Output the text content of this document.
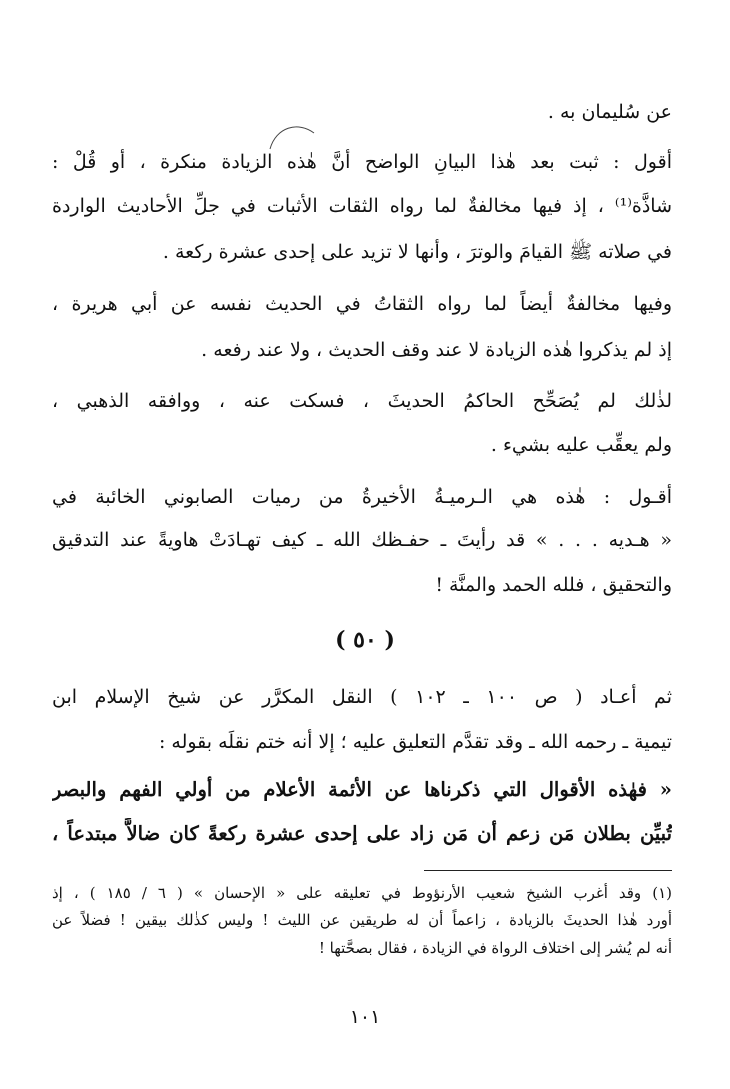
عن سُليمان به .
أقول : ثبت بعد هٰذا البيانِ الواضح أنَّ هٰذه الزيادة منكرة ، أو قُلْ :
شاذَّة⁽¹⁾ ، إذ فيها مخالفةٌ لما رواه الثقات الأثبات في جلِّ الأحاديث الواردة
في صلاته ﷺ القيامَ والوترَ ، وأنها لا تزيد على إحدى عشرة ركعة .
وفيها مخالفةٌ أيضاً لما رواه الثقاتُ في الحديث نفسه عن أبي هريرة ،
إذ لم يذكروا هٰذه الزيادة لا عند وقف الحديث ، ولا عند رفعه .
لذٰلك لم يُصَحِّح الحاكمُ الحديثَ ، فسكت عنه ، ووافقه الذهبي ،
ولم يعقِّب عليه بشيء .
أقـول : هٰذه هي الـرميـةُ الأخيرةُ من رميات الصابوني الخائبة في
« هـديه . . . » قد رأيتَ ـ حفـظك الله ـ كيف تهـادَتْ هاويةً عند التدقيق
والتحقيق ، فلله الحمد والمنَّة !
( ٥٠ )
ثم أعـاد ( ص ١٠٠ ـ ١٠٢ ) النقل المكرَّر عن شيخ الإسلام ابن
تيمية ـ رحمه الله ـ وقد تقدَّم التعليق عليه ؛ إلا أنه ختم نقلَه بقوله :
« فهٰذه الأقوال التي ذكرناها عن الأئمة الأعلام من أولي الفهم والبصر
تُبيِّن بطلان مَن زعم أن مَن زاد على إحدى عشرة ركعةً كان ضالاًّ مبتدعاً ،
(١) وقد أغرب الشيخ شعيب الأرنؤوط في تعليقه على « الإحسان » ( ٦ / ١٨٥ ) ، إذ
أورد هٰذا الحديثَ بالزيادة ، زاعماً أن له طريقين عن الليث ! وليس كذٰلك بيقين ! فضلاً عن
أنه لم يُشر إلى اختلاف الرواة في الزيادة ، فقال بصحَّتها !
١٠١
